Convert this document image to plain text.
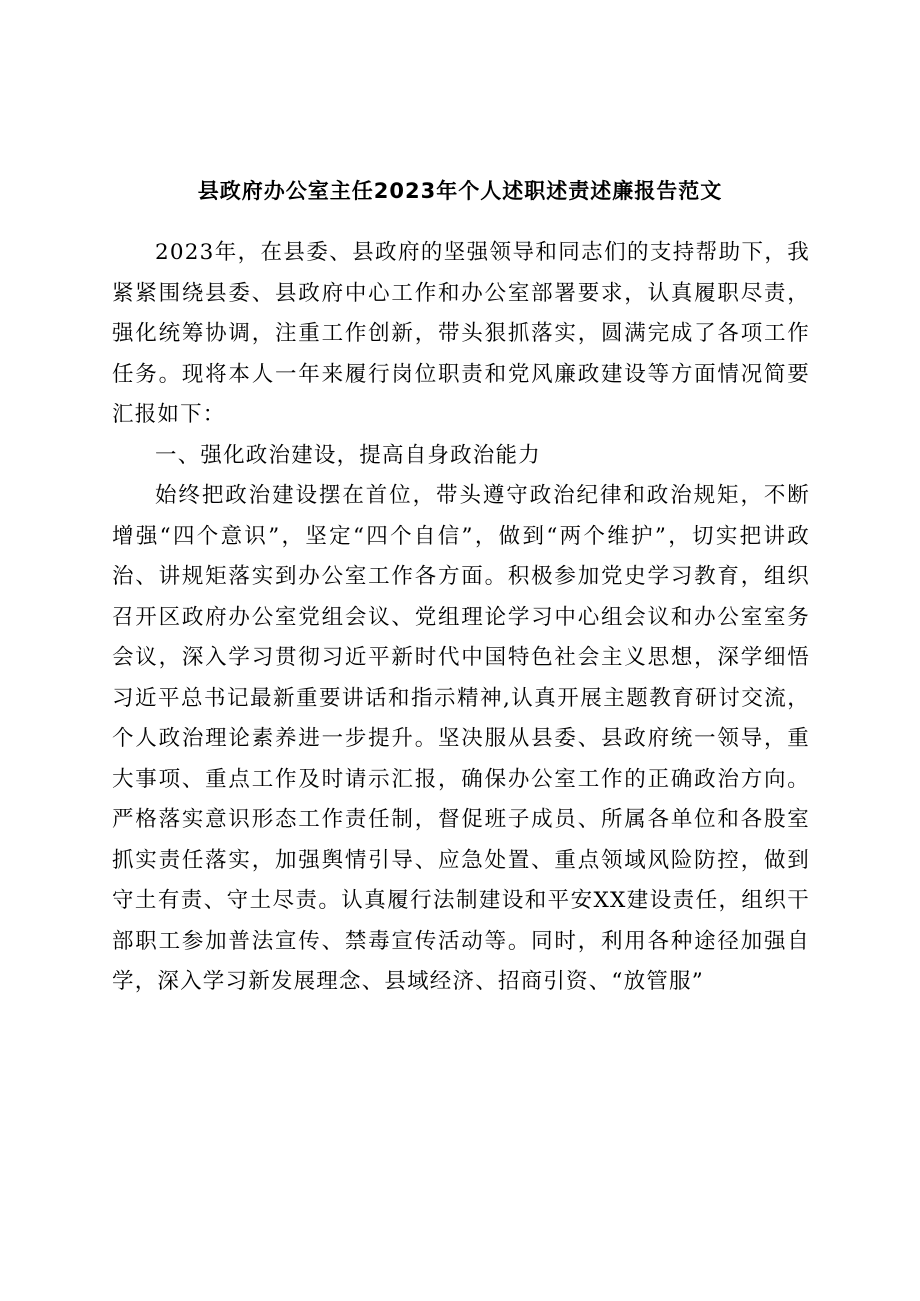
县政府办公室主任2023年个人述职述责述廉报告范文

2023年，在县委、县政府的坚强领导和同志们的支持帮助下，我紧紧围绕县委、县政府中心工作和办公室部署要求，认真履职尽责，强化统筹协调，注重工作创新，带头狠抓落实，圆满完成了各项工作任务。现将本人一年来履行岗位职责和党风廉政建设等方面情况简要汇报如下：

一、强化政治建设，提高自身政治能力

始终把政治建设摆在首位，带头遵守政治纪律和政治规矩，不断增强“四个意识”，坚定“四个自信”，做到“两个维护”，切实把讲政治、讲规矩落实到办公室工作各方面。积极参加党史学习教育，组织召开区政府办公室党组会议、党组理论学习中心组会议和办公室室务会议，深入学习贯彻习近平新时代中国特色社会主义思想，深学细悟习近平总书记最新重要讲话和指示精神,认真开展主题教育研讨交流，个人政治理论素养进一步提升。坚决服从县委、县政府统一领导，重大事项、重点工作及时请示汇报，确保办公室工作的正确政治方向。严格落实意识形态工作责任制，督促班子成员、所属各单位和各股室抓实责任落实，加强舆情引导、应急处置、重点领域风险防控，做到守土有责、守土尽责。认真履行法制建设和平安XX建设责任，组织干部职工参加普法宣传、禁毒宣传活动等。同时，利用各种途径加强自学，深入学习新发展理念、县域经济、招商引资、“放管服”
